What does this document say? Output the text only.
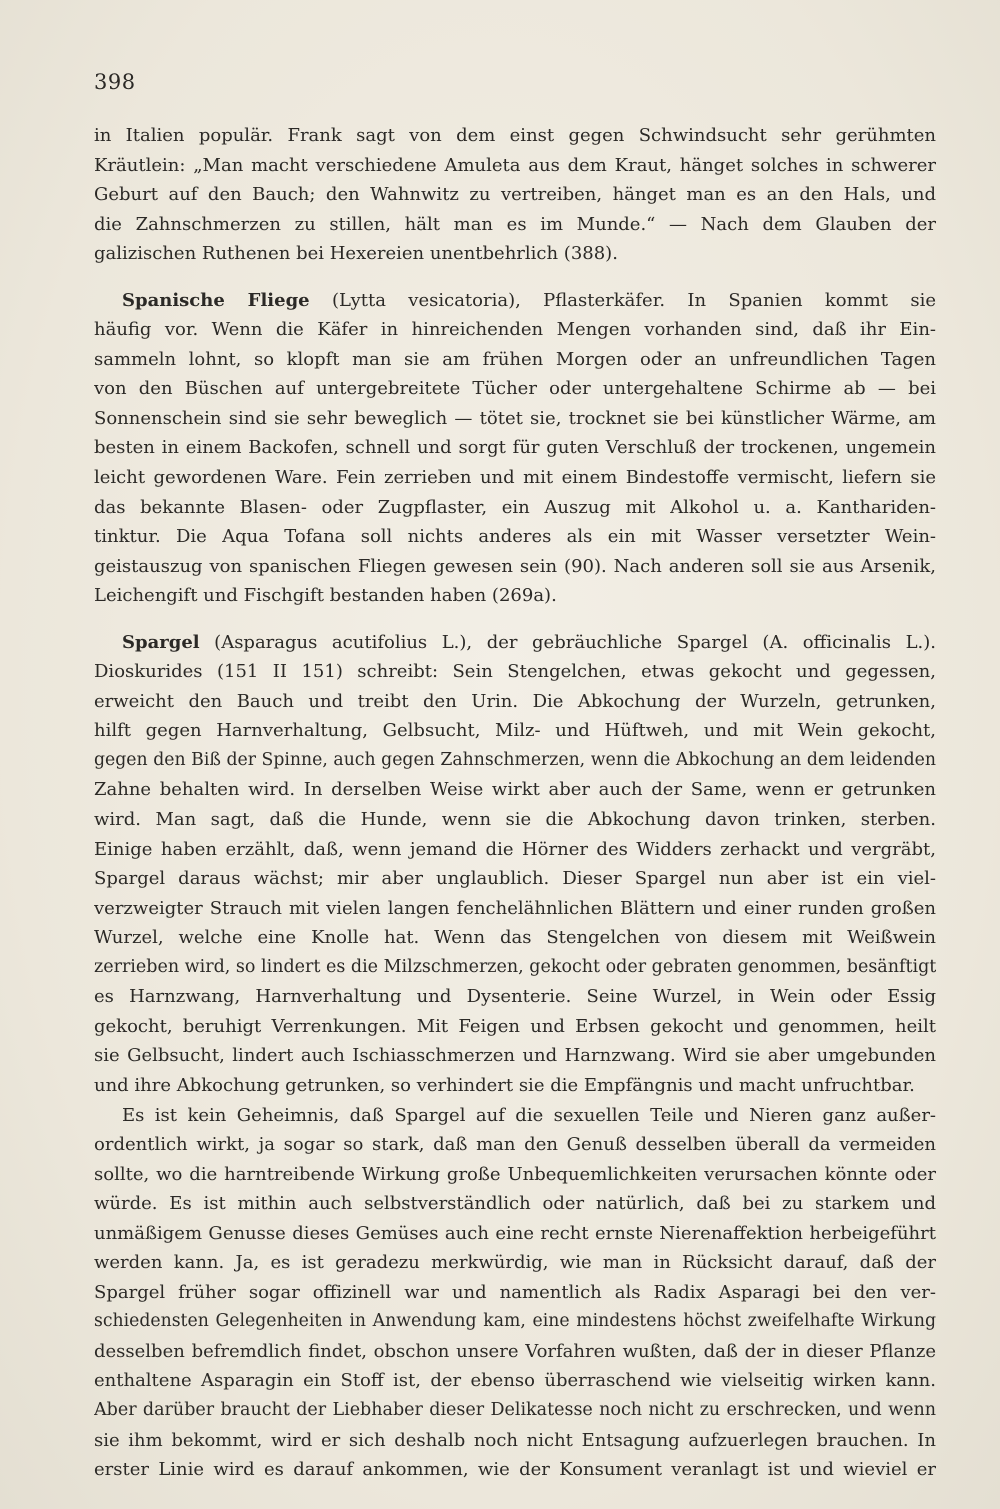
398
in Italien populär. Frank sagt von dem einst gegen Schwindsucht sehr gerühmten
Kräutlein: „Man macht verschiedene Amuleta aus dem Kraut, hänget solches in schwerer
Geburt auf den Bauch; den Wahnwitz zu vertreiben, hänget man es an den Hals, und
die Zahnschmerzen zu stillen, hält man es im Munde.“ — Nach dem Glauben der
galizischen Ruthenen bei Hexereien unentbehrlich (388).
Spanische Fliege (Lytta vesicatoria), Pflasterkäfer. In Spanien kommt sie
häufig vor. Wenn die Käfer in hinreichenden Mengen vorhanden sind, daß ihr Ein-
sammeln lohnt, so klopft man sie am frühen Morgen oder an unfreundlichen Tagen
von den Büschen auf untergebreitete Tücher oder untergehaltene Schirme ab — bei
Sonnenschein sind sie sehr beweglich — tötet sie, trocknet sie bei künstlicher Wärme, am
besten in einem Backofen, schnell und sorgt für guten Verschluß der trockenen, ungemein
leicht gewordenen Ware. Fein zerrieben und mit einem Bindestoffe vermischt, liefern sie
das bekannte Blasen- oder Zugpflaster, ein Auszug mit Alkohol u. a. Kanthariden-
tinktur. Die Aqua Tofana soll nichts anderes als ein mit Wasser versetzter Wein-
geistauszug von spanischen Fliegen gewesen sein (90). Nach anderen soll sie aus Arsenik,
Leichengift und Fischgift bestanden haben (269a).
Spargel (Asparagus acutifolius L.), der gebräuchliche Spargel (A. officinalis L.).
Dioskurides (151 II 151) schreibt: Sein Stengelchen, etwas gekocht und gegessen,
erweicht den Bauch und treibt den Urin. Die Abkochung der Wurzeln, getrunken,
hilft gegen Harnverhaltung, Gelbsucht, Milz- und Hüftweh, und mit Wein gekocht,
gegen den Biß der Spinne, auch gegen Zahnschmerzen, wenn die Abkochung an dem leidenden
Zahne behalten wird. In derselben Weise wirkt aber auch der Same, wenn er getrunken
wird. Man sagt, daß die Hunde, wenn sie die Abkochung davon trinken, sterben.
Einige haben erzählt, daß, wenn jemand die Hörner des Widders zerhackt und vergräbt,
Spargel daraus wächst; mir aber unglaublich. Dieser Spargel nun aber ist ein viel-
verzweigter Strauch mit vielen langen fenchelähnlichen Blättern und einer runden großen
Wurzel, welche eine Knolle hat. Wenn das Stengelchen von diesem mit Weißwein
zerrieben wird, so lindert es die Milzschmerzen, gekocht oder gebraten genommen, besänftigt
es Harnzwang, Harnverhaltung und Dysenterie. Seine Wurzel, in Wein oder Essig
gekocht, beruhigt Verrenkungen. Mit Feigen und Erbsen gekocht und genommen, heilt
sie Gelbsucht, lindert auch Ischiasschmerzen und Harnzwang. Wird sie aber umgebunden
und ihre Abkochung getrunken, so verhindert sie die Empfängnis und macht unfruchtbar.
Es ist kein Geheimnis, daß Spargel auf die sexuellen Teile und Nieren ganz außer-
ordentlich wirkt, ja sogar so stark, daß man den Genuß desselben überall da vermeiden
sollte, wo die harntreibende Wirkung große Unbequemlichkeiten verursachen könnte oder
würde. Es ist mithin auch selbstverständlich oder natürlich, daß bei zu starkem und
unmäßigem Genusse dieses Gemüses auch eine recht ernste Nierenaffektion herbeigeführt
werden kann. Ja, es ist geradezu merkwürdig, wie man in Rücksicht darauf, daß der
Spargel früher sogar offizinell war und namentlich als Radix Asparagi bei den ver-
schiedensten Gelegenheiten in Anwendung kam, eine mindestens höchst zweifelhafte Wirkung
desselben befremdlich findet, obschon unsere Vorfahren wußten, daß der in dieser Pflanze
enthaltene Asparagin ein Stoff ist, der ebenso überraschend wie vielseitig wirken kann.
Aber darüber braucht der Liebhaber dieser Delikatesse noch nicht zu erschrecken, und wenn
sie ihm bekommt, wird er sich deshalb noch nicht Entsagung aufzuerlegen brauchen. In
erster Linie wird es darauf ankommen, wie der Konsument veranlagt ist und wieviel er
